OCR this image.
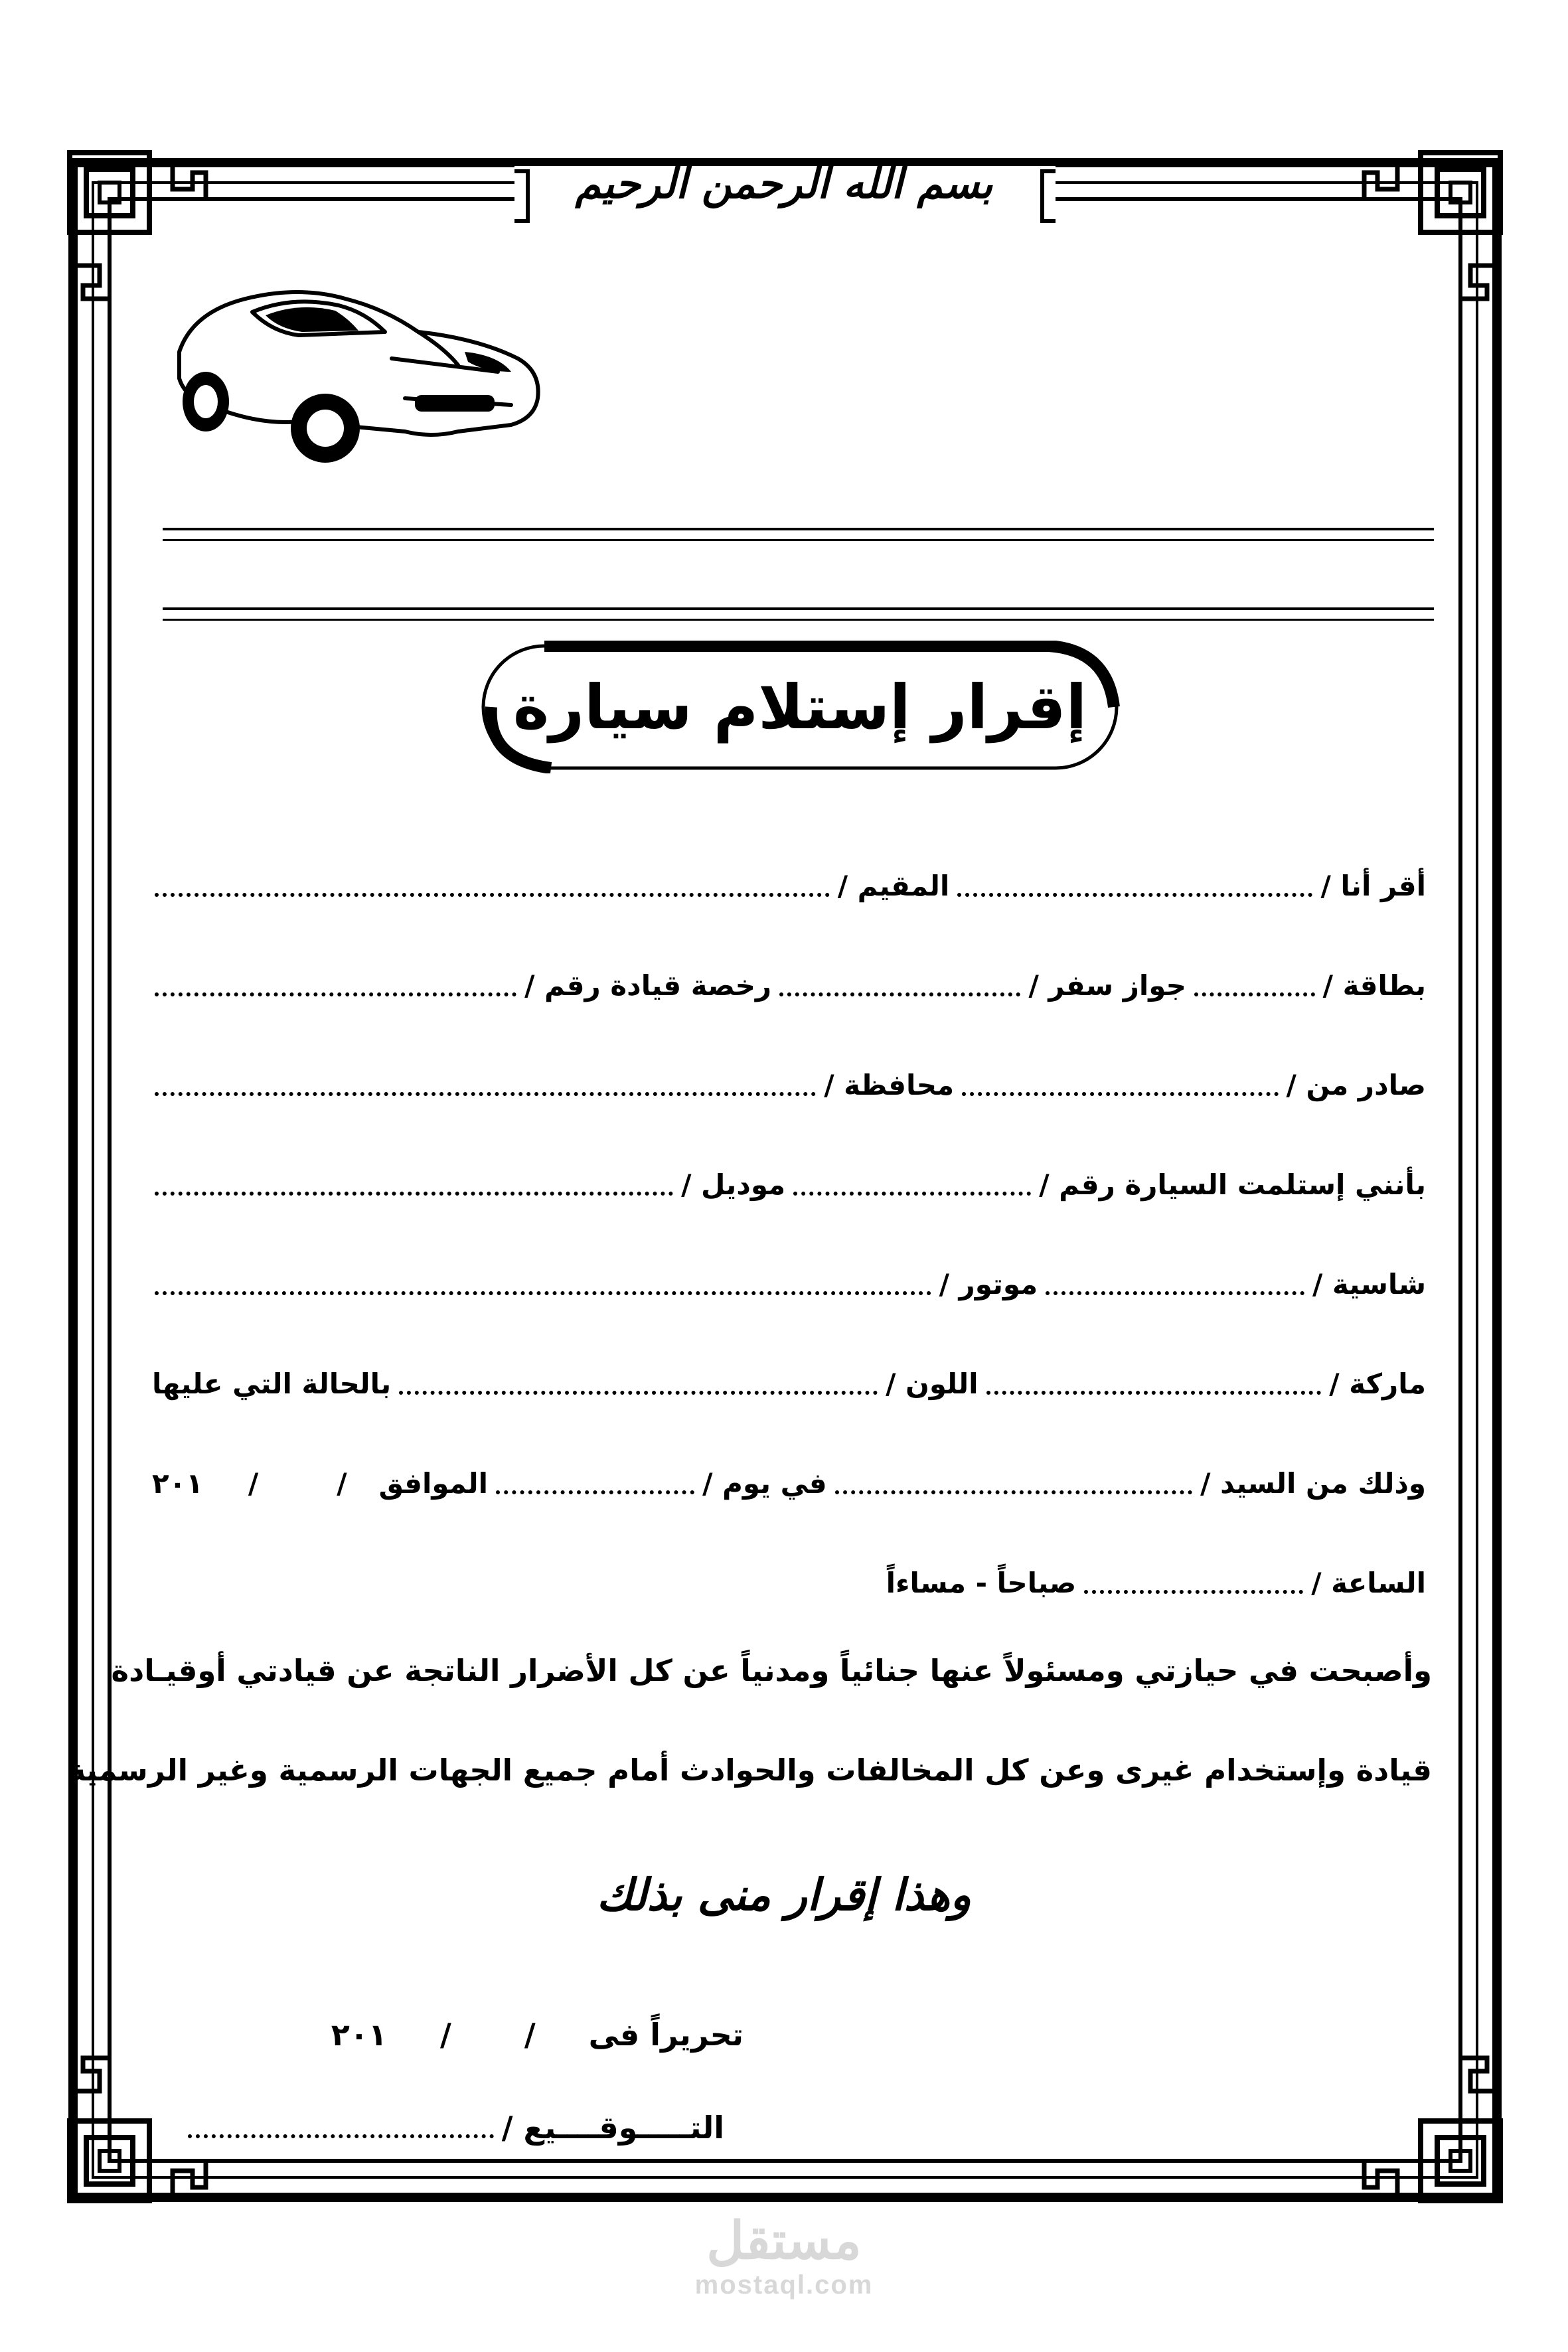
بسم الله الرحمن الرحيم
إقرار إستلام سيارة
أقر أنا /
المقيم /
بطاقة /
جواز سفر /
رخصة قيادة رقم /
صادر من /
محافظة /
بأنني إستلمت السيارة رقم /
موديل /
شاسية /
موتور /
ماركة /
اللون /
بالحالة التي عليها
وذلك من السيد /
في يوم /
الموافق
/
/
٢٠١
الساعة /
صباحاً - مساءاً
وأصبحت في حيازتي ومسئولاً عنها جنائياً ومدنياً عن كل الأضرار الناتجة عن قيادتي أوقيـادة
قيادة وإستخدام غيرى وعن كل المخالفات والحوادث أمام جميع الجهات الرسمية وغير الرسمية
وهذا إقرار منى بذلك
تحريراً فى
/
/
٢٠١
التـــــوقــــيع /
مستقل
mostaql.com
